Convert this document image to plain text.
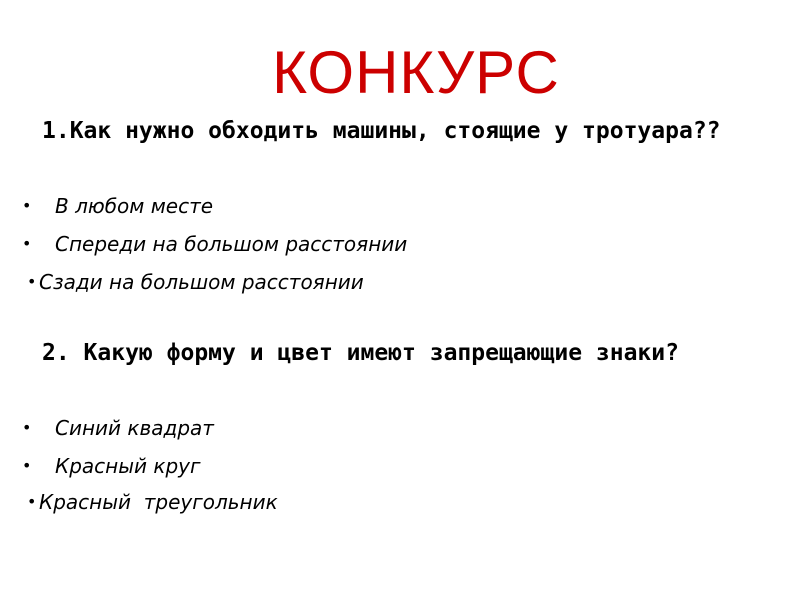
КОНКУРС
1.Как нужно обходить машины, стоящие у тротуара??
• В любом месте
• Спереди на большом расстоянии
• Сзади на большом расстоянии
2. Какую форму и цвет имеют запрещающие знаки?
• Синий квадрат
• Красный круг
• Красный  треугольник
